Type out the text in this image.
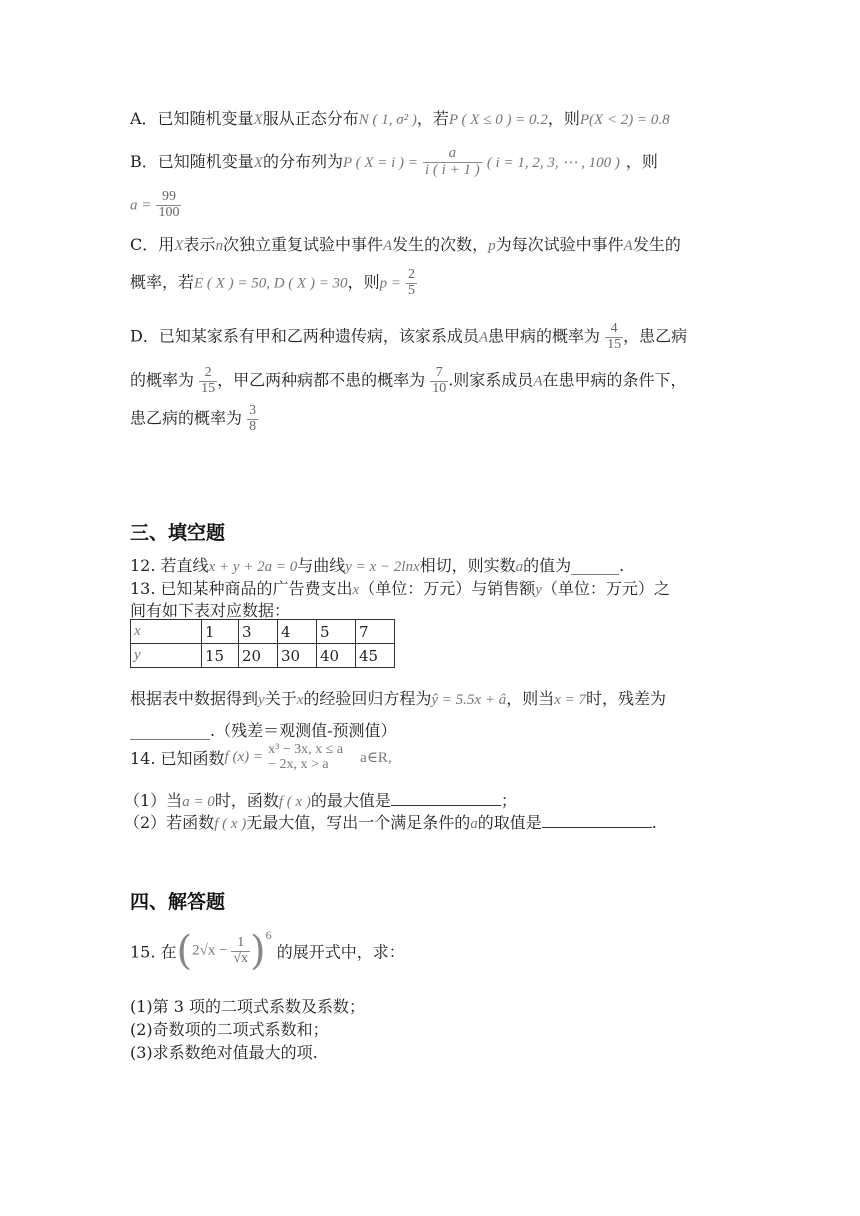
A．已知随机变量X服从正态分布N ( 1, σ² )，若P ( X ≤ 0 ) = 0.2，则P(X < 2) = 0.8
B．已知随机变量X的分布列为P ( X = i ) = $\frac{a}{i ( i + 1 )}$ ( i = 1, 2, 3, ⋯ , 100 ) ，则
$a = \frac{99}{100}$
C．用X表示n次独立重复试验中事件A发生的次数，p为每次试验中事件A发生的
概率，若E ( X ) = 50, D ( X ) = 30，则$p = \frac{2}{5}$
D．已知某家系有甲和乙两种遗传病，该家系成员A患甲病的概率为 $\frac{4}{15}$ ，患乙病
的概率为 $\frac{2}{15}$ ，甲乙两种病都不患的概率为 $\frac{7}{10}$ .则家系成员A在患甲病的条件下，
患乙病的概率为 $\frac{3}{8}$
三、填空题
12. 若直线x + y + 2a = 0与曲线y = x − 2lnx相切，则实数a的值为______.
13. 已知某种商品的广告费支出x（单位：万元）与销售额y（单位：万元）之
间有如下表对应数据：
x	1	3	4	5	7
y	15	20	30	40	45
根据表中数据得到y关于x的经验回归方程为ŷ = 5.5x + â，则当x = 7时，残差为
__________.（残差＝观测值-预测值）
14. 已知函数f (x) = x³ − 3x, x ≤ a
− 2x, x > a	a∈R,
（1）当a = 0时，函数f ( x )的最大值是	；
（2）若函数f ( x )无最大值，写出一个满足条件的a的取值是	.
四、解答题
15. 在$(2√x - \frac{1}{√x} )^6$ 的展开式中，求：
(1)第 3 项的二项式系数及系数；
(2)奇数项的二项式系数和；
(3)求系数绝对值最大的项.
